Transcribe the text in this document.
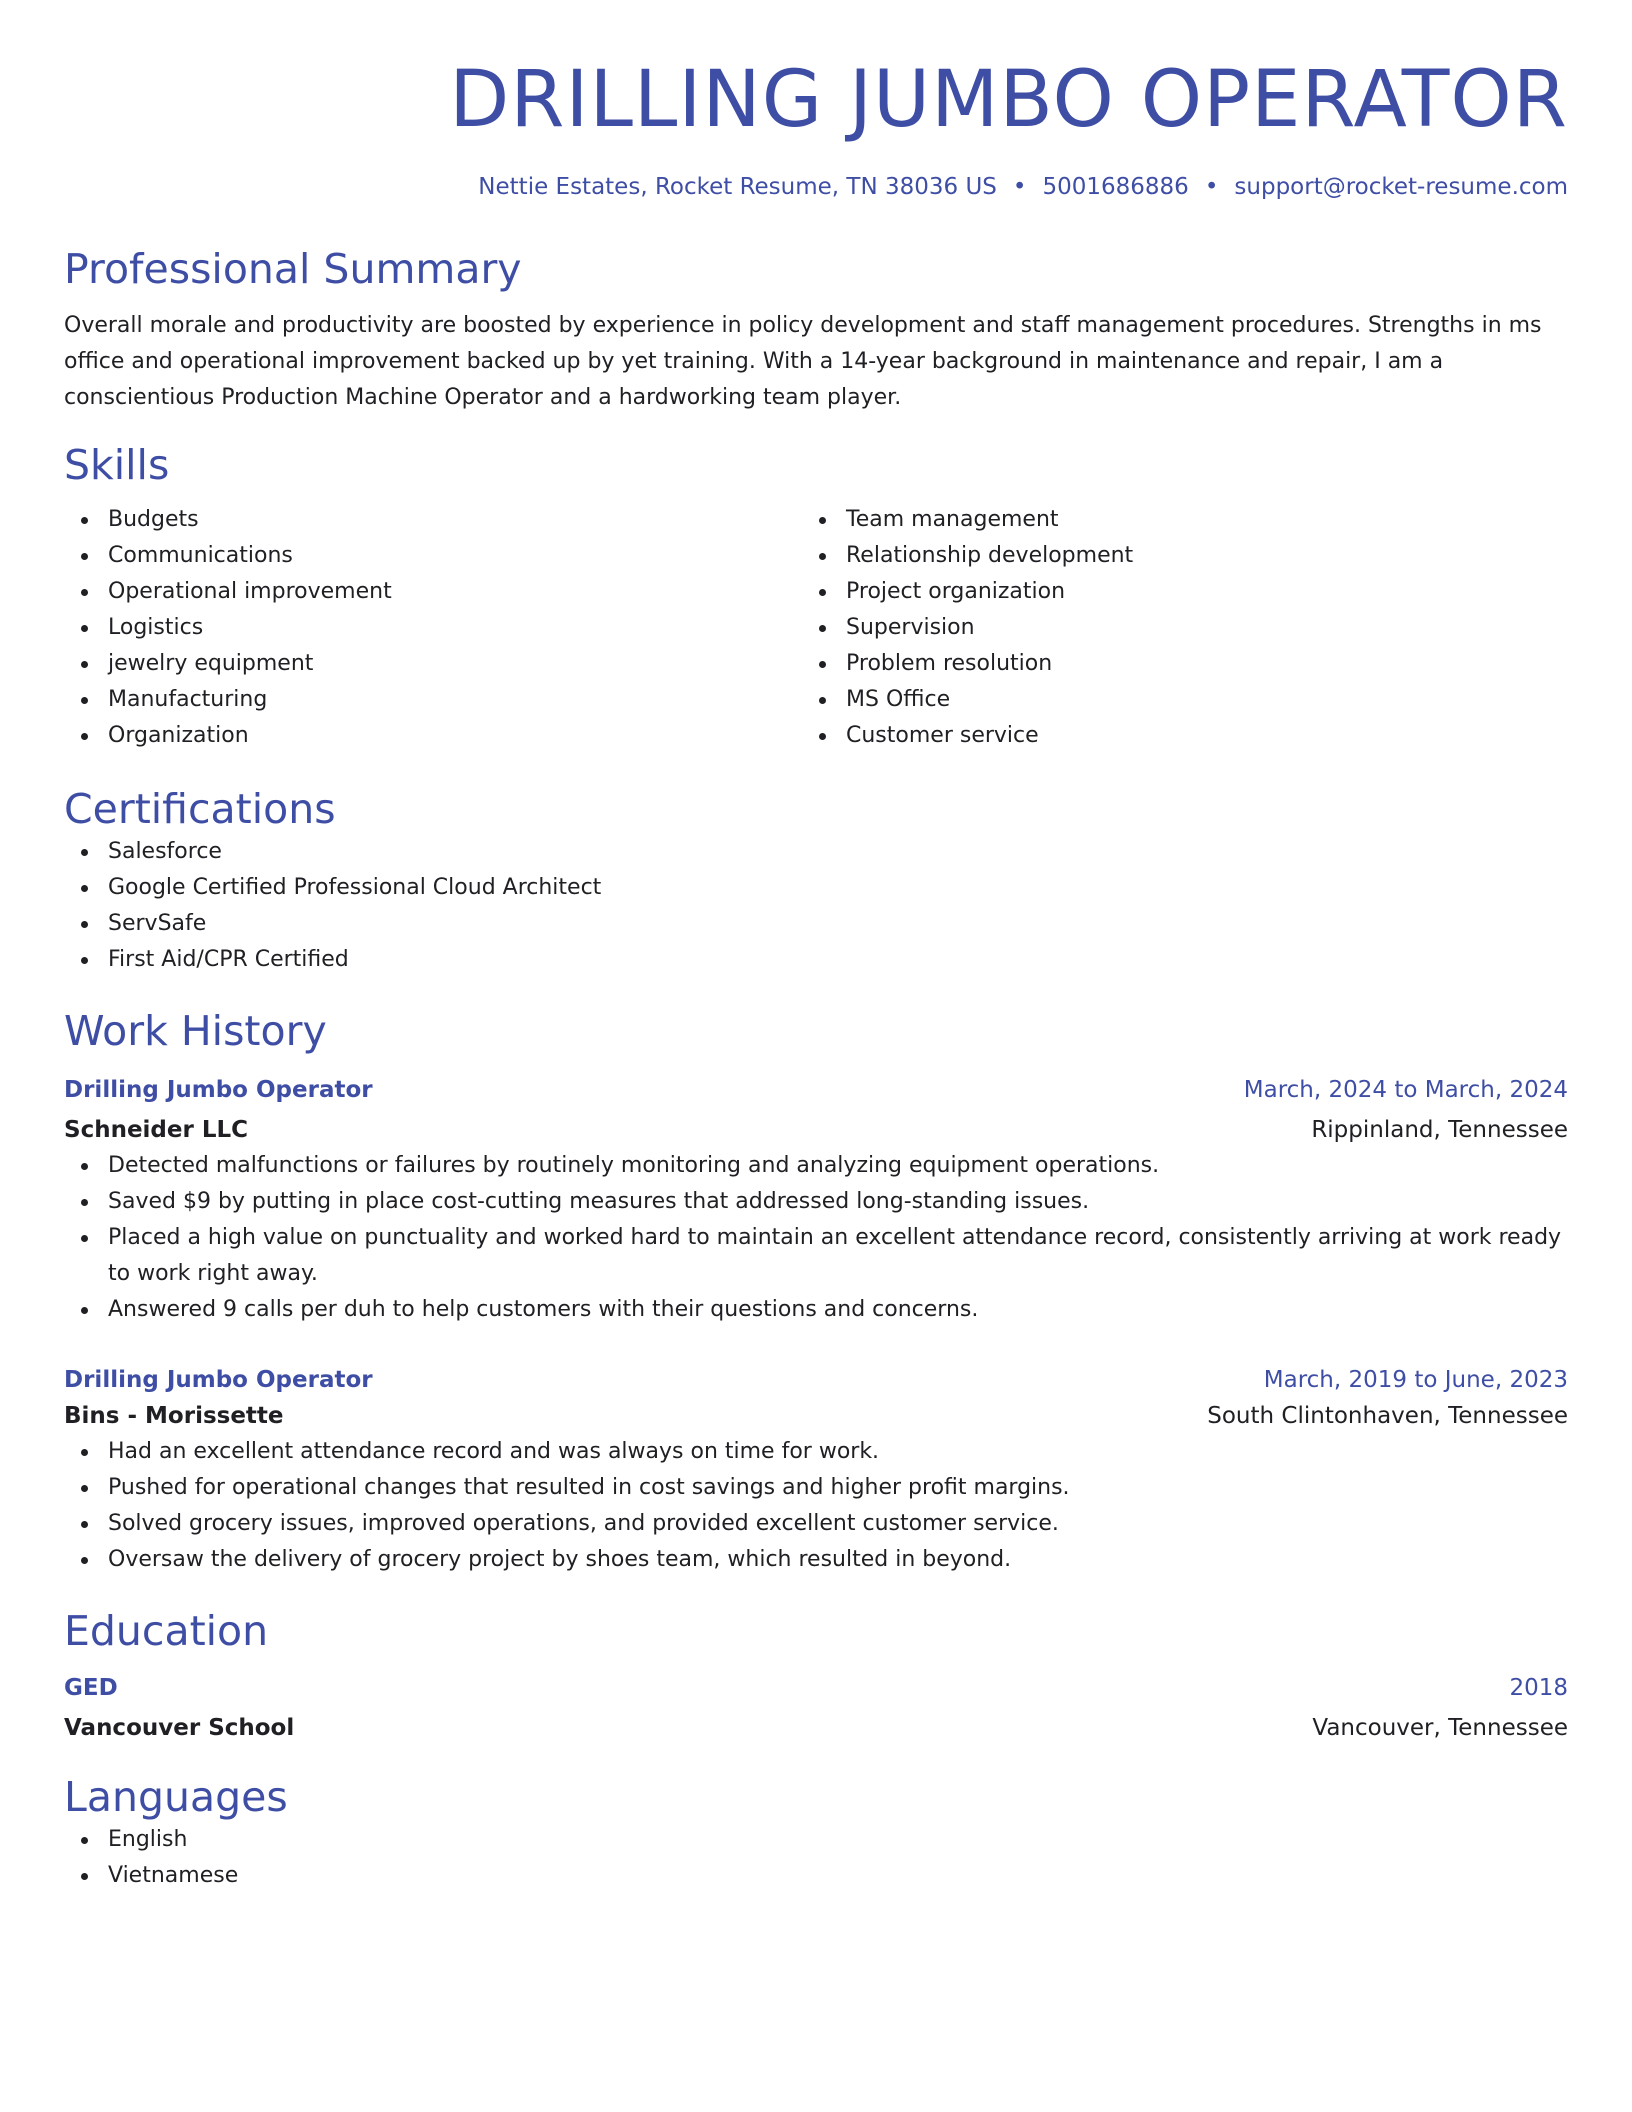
DRILLING JUMBO OPERATOR
Nettie Estates, Rocket Resume, TN 38036 US • 5001686886 • support@rocket-resume.com
Professional Summary

Overall morale and productivity are boosted by experience in policy development and staff management procedures. Strengths in ms office and operational improvement backed up by yet training. With a 14-year background in maintenance and repair, I am a conscientious Production Machine Operator and a hardworking team player.

Skills
Budgets
Communications
Operational improvement
Logistics
jewelry equipment
Manufacturing
Organization
Team management
Relationship development
Project organization
Supervision
Problem resolution
MS Office
Customer service
Certifications
Salesforce
Google Certified Professional Cloud Architect
ServSafe
First Aid/CPR Certified
Work History
Drilling Jumbo Operator	March, 2024 to March, 2024
Schneider LLC	Rippinland, Tennessee
Detected malfunctions or failures by routinely monitoring and analyzing equipment operations.
Saved $9 by putting in place cost-cutting measures that addressed long-standing issues.
Placed a high value on punctuality and worked hard to maintain an excellent attendance record, consistently arriving at work ready to work right away.
Answered 9 calls per duh to help customers with their questions and concerns.
Drilling Jumbo Operator	March, 2019 to June, 2023
Bins - Morissette	South Clintonhaven, Tennessee
Had an excellent attendance record and was always on time for work.
Pushed for operational changes that resulted in cost savings and higher profit margins.
Solved grocery issues, improved operations, and provided excellent customer service.
Oversaw the delivery of grocery project by shoes team, which resulted in beyond.
Education
GED	2018
Vancouver School	Vancouver, Tennessee
Languages
English
Vietnamese
